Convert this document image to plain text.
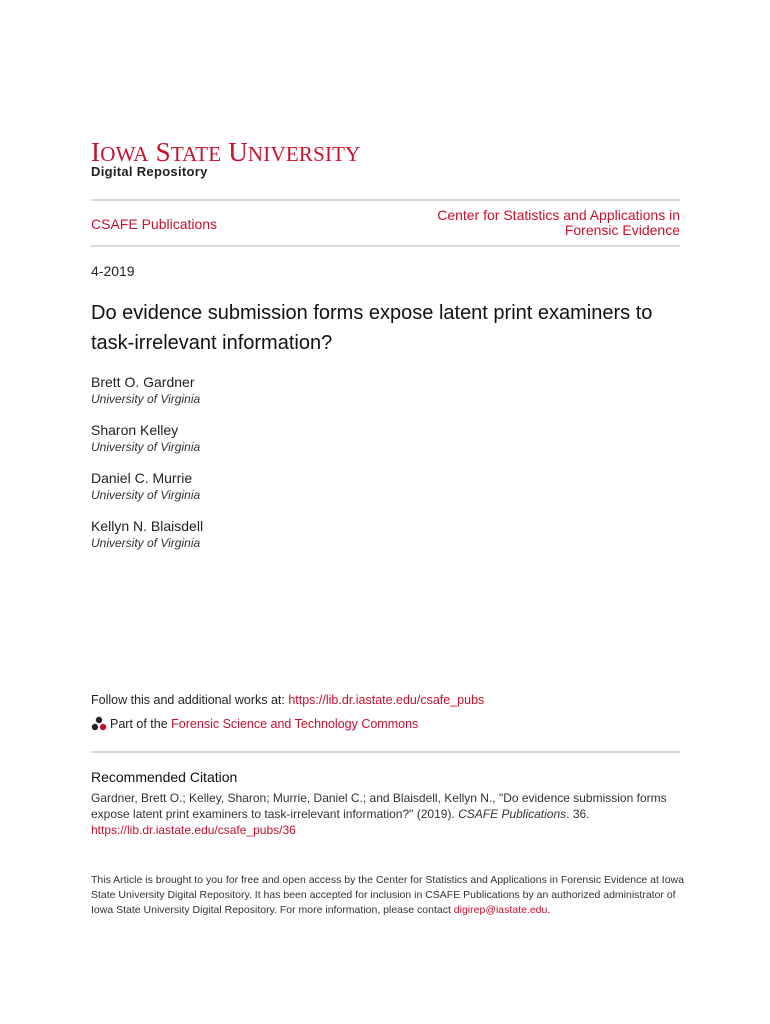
IOWA STATE UNIVERSITY
Digital Repository
CSAFE Publications
Center for Statistics and Applications in Forensic Evidence
4-2019
Do evidence submission forms expose latent print examiners to task-irrelevant information?
Brett O. Gardner
University of Virginia
Sharon Kelley
University of Virginia
Daniel C. Murrie
University of Virginia
Kellyn N. Blaisdell
University of Virginia
Follow this and additional works at: https://lib.dr.iastate.edu/csafe_pubs
Part of the
Forensic Science and Technology Commons
Recommended Citation
Gardner, Brett O.; Kelley, Sharon; Murrie, Daniel C.; and Blaisdell, Kellyn N., "Do evidence submission forms expose latent print examiners to task-irrelevant information?" (2019). CSAFE Publications. 36.
https://lib.dr.iastate.edu/csafe_pubs/36
This Article is brought to you for free and open access by the Center for Statistics and Applications in Forensic Evidence at Iowa State University Digital Repository. It has been accepted for inclusion in CSAFE Publications by an authorized administrator of Iowa State University Digital Repository. For more information, please contact digirep@iastate.edu.
